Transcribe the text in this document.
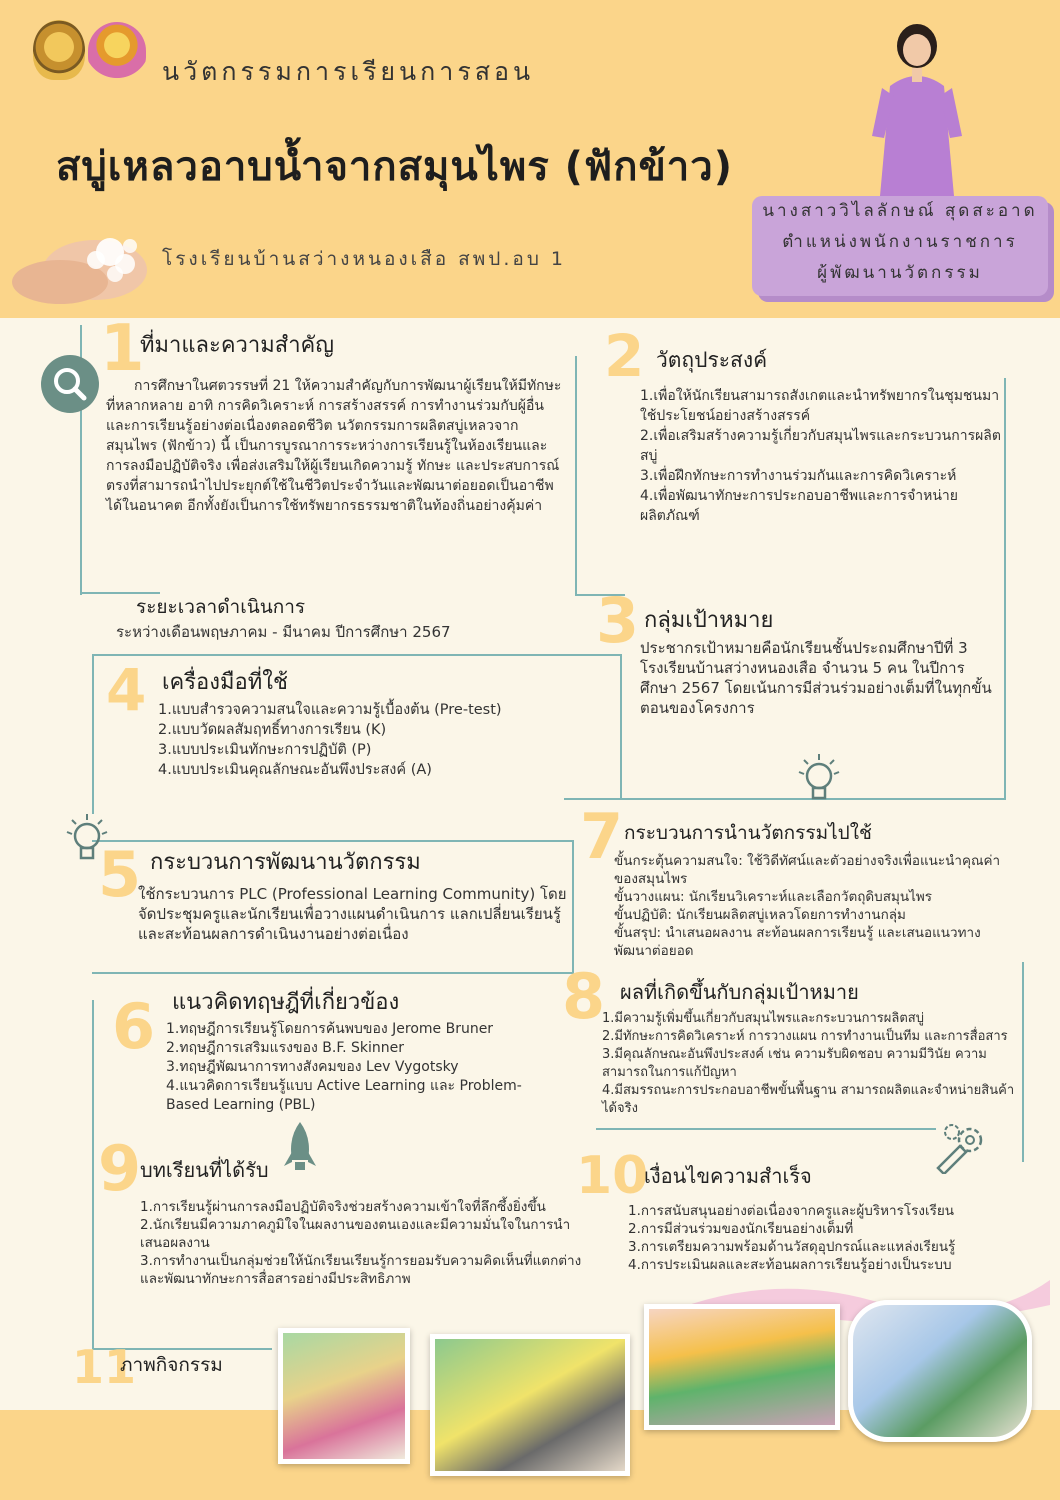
นวัตกรรมการเรียนการสอน
สบู่เหลวอาบน้ำจากสมุนไพร (ฟักข้าว)
โรงเรียนบ้านสว่างหนองเสือ สพป.อบ 1
นางสาววิไลลักษณ์ สุดสะอาด
ตำแหน่งพนักงานราชการ
ผู้พัฒนานวัตกรรม
1
ที่มาและความสำคัญ
การศึกษาในศตวรรษที่ 21 ให้ความสำคัญกับการพัฒนาผู้เรียนให้มีทักษะที่หลากหลาย อาทิ การคิดวิเคราะห์ การสร้างสรรค์ การทำงานร่วมกับผู้อื่น และการเรียนรู้อย่างต่อเนื่องตลอดชีวิต นวัตกรรมการผลิตสบู่เหลวจากสมุนไพร (ฟักข้าว) นี้ เป็นการบูรณาการระหว่างการเรียนรู้ในห้องเรียนและการลงมือปฏิบัติจริง เพื่อส่งเสริมให้ผู้เรียนเกิดความรู้ ทักษะ และประสบการณ์ตรงที่สามารถนำไปประยุกต์ใช้ในชีวิตประจำวันและพัฒนาต่อยอดเป็นอาชีพได้ในอนาคต อีกทั้งยังเป็นการใช้ทรัพยากรธรรมชาติในท้องถิ่นอย่างคุ้มค่า
2 วัตถุประสงค์
1.เพื่อให้นักเรียนสามารถสังเกตและนำทรัพยากรในชุมชนมาใช้ประโยชน์อย่างสร้างสรรค์
2.เพื่อเสริมสร้างความรู้เกี่ยวกับสมุนไพรและกระบวนการผลิตสบู่
3.เพื่อฝึกทักษะการทำงานร่วมกันและการคิดวิเคราะห์
4.เพื่อพัฒนาทักษะการประกอบอาชีพและการจำหน่ายผลิตภัณฑ์
ระยะเวลาดำเนินการ
ระหว่างเดือนพฤษภาคม - มีนาคม ปีการศึกษา 2567 3 กลุ่มเป้าหมาย
ประชากรเป้าหมายคือนักเรียนชั้นประถมศึกษาปีที่ 3 โรงเรียนบ้านสว่างหนองเสือ จำนวน 5 คน ในปีการศึกษา 2567 โดยเน้นการมีส่วนร่วมอย่างเต็มที่ในทุกขั้นตอนของโครงการ
4 เครื่องมือที่ใช้
1.แบบสำรวจความสนใจและความรู้เบื้องต้น (Pre-test)
2.แบบวัดผลสัมฤทธิ์ทางการเรียน (K)
3.แบบประเมินทักษะการปฏิบัติ (P)
4.แบบประเมินคุณลักษณะอันพึงประสงค์ (A)
5 กระบวนการพัฒนานวัตกรรม
ใช้กระบวนการ PLC (Professional Learning Community) โดยจัดประชุมครูและนักเรียนเพื่อวางแผนดำเนินการ แลกเปลี่ยนเรียนรู้ และสะท้อนผลการดำเนินงานอย่างต่อเนื่อง
7 กระบวนการนำนวัตกรรมไปใช้
ขั้นกระตุ้นความสนใจ: ใช้วิดีทัศน์และตัวอย่างจริงเพื่อแนะนำคุณค่าของสมุนไพร
ขั้นวางแผน: นักเรียนวิเคราะห์และเลือกวัตถุดิบสมุนไพร
ขั้นปฏิบัติ: นักเรียนผลิตสบู่เหลวโดยการทำงานกลุ่ม
ขั้นสรุป: นำเสนอผลงาน สะท้อนผลการเรียนรู้ และเสนอแนวทางพัฒนาต่อยอด
6 แนวคิดทฤษฎีที่เกี่ยวข้อง
1.ทฤษฎีการเรียนรู้โดยการค้นพบของ Jerome Bruner
2.ทฤษฎีการเสริมแรงของ B.F. Skinner
3.ทฤษฎีพัฒนาการทางสังคมของ Lev Vygotsky
4.แนวคิดการเรียนรู้แบบ Active Learning และ Problem-Based Learning (PBL)
8 ผลที่เกิดขึ้นกับกลุ่มเป้าหมาย
1.มีความรู้เพิ่มขึ้นเกี่ยวกับสมุนไพรและกระบวนการผลิตสบู่
2.มีทักษะการคิดวิเคราะห์ การวางแผน การทำงานเป็นทีม และการสื่อสาร
3.มีคุณลักษณะอันพึงประสงค์ เช่น ความรับผิดชอบ ความมีวินัย ความสามารถในการแก้ปัญหา
4.มีสมรรถนะการประกอบอาชีพขั้นพื้นฐาน สามารถผลิตและจำหน่ายสินค้าได้จริง
9
บทเรียนที่ได้รับ
1.การเรียนรู้ผ่านการลงมือปฏิบัติจริงช่วยสร้างความเข้าใจที่ลึกซึ้งยิ่งขึ้น
2.นักเรียนมีความภาคภูมิใจในผลงานของตนเองและมีความมั่นใจในการนำเสนอผลงาน
3.การทำงานเป็นกลุ่มช่วยให้นักเรียนเรียนรู้การยอมรับความคิดเห็นที่แตกต่าง และพัฒนาทักษะการสื่อสารอย่างมีประสิทธิภาพ
10
เงื่อนไขความสำเร็จ
1.การสนับสนุนอย่างต่อเนื่องจากครูและผู้บริหารโรงเรียน
2.การมีส่วนร่วมของนักเรียนอย่างเต็มที่
3.การเตรียมความพร้อมด้านวัสดุอุปกรณ์และแหล่งเรียนรู้
4.การประเมินผลและสะท้อนผลการเรียนรู้อย่างเป็นระบบ
11
ภาพกิจกรรม
